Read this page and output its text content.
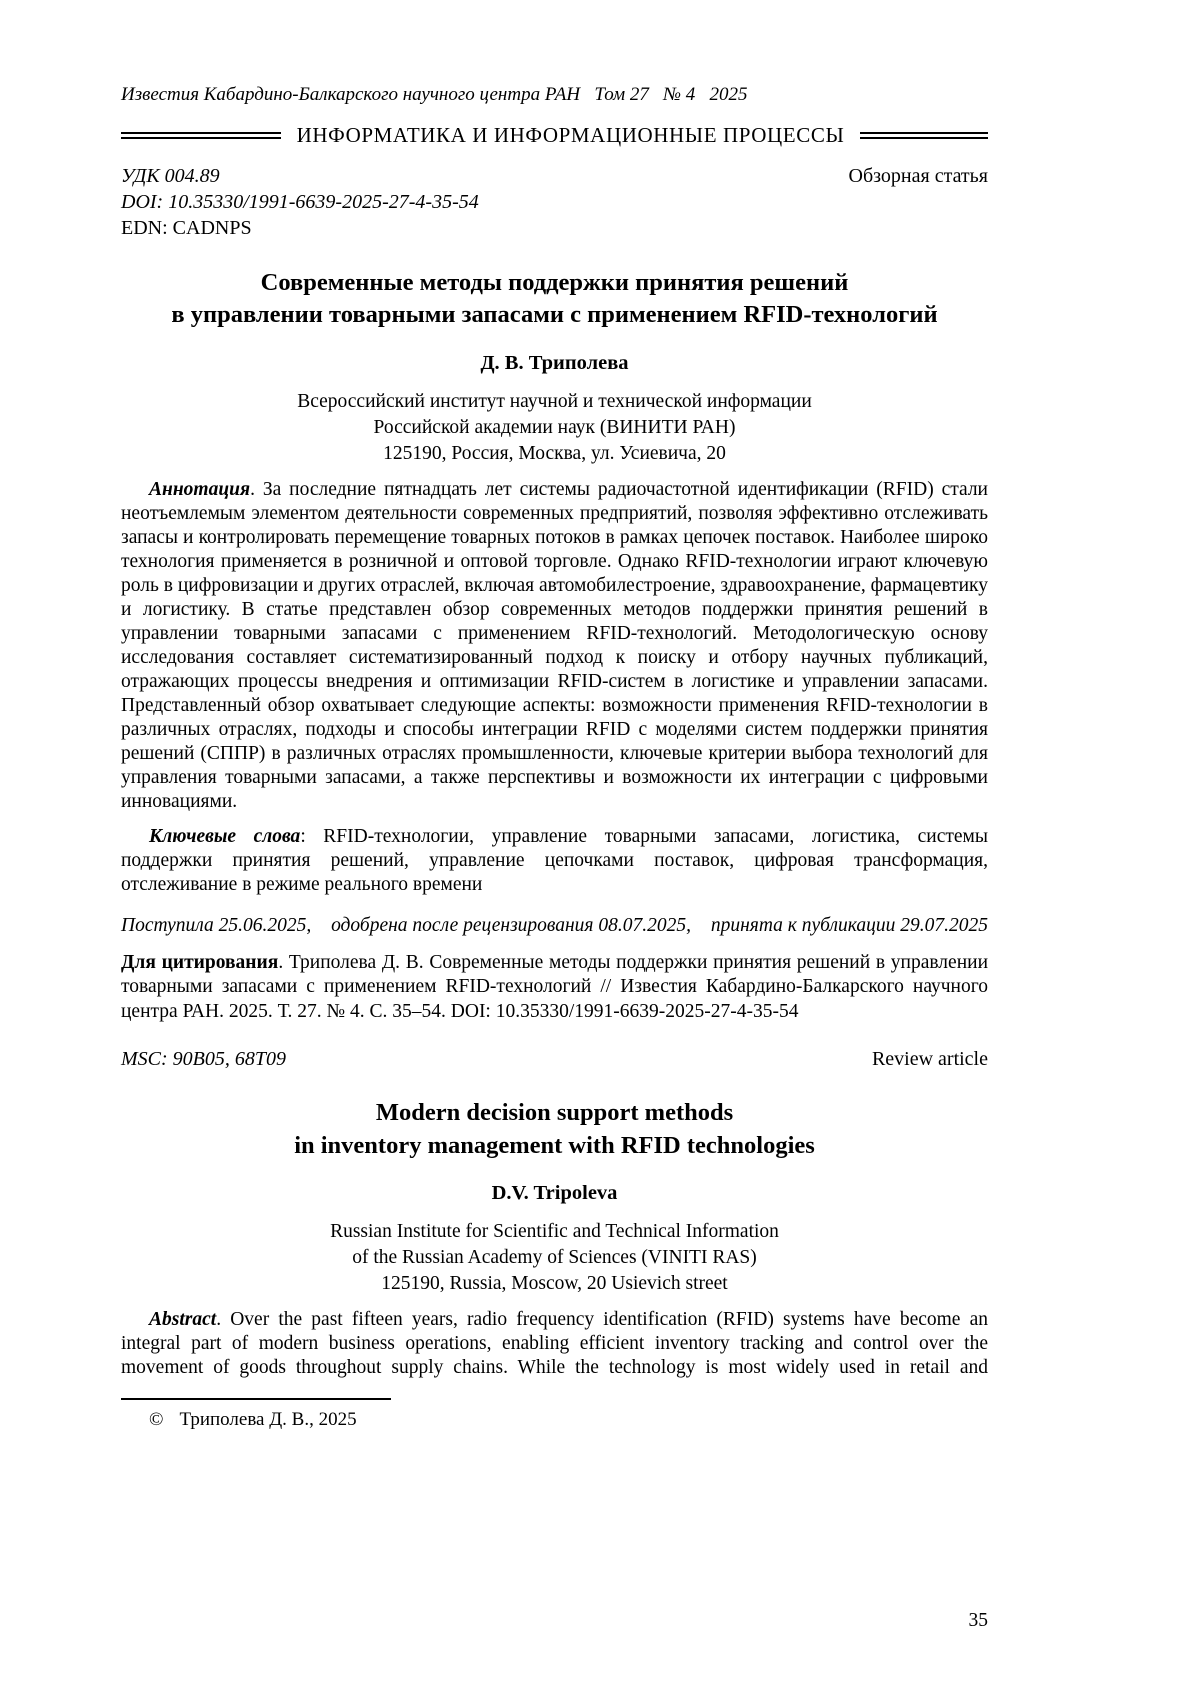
Известия Кабардино-Балкарского научного центра РАН   Том 27   № 4   2025
ИНФОРМАТИКА И ИНФОРМАЦИОННЫЕ ПРОЦЕССЫ
УДК 004.89	Обзорная статья
DOI: 10.35330/1991-6639-2025-27-4-35-54
EDN: CADNPS
Современные методы поддержки принятия решений
в управлении товарными запасами с применением RFID-технологий
Д. В. Триполева
Всероссийский институт научной и технической информации
Российской академии наук (ВИНИТИ РАН)
125190, Россия, Москва, ул. Усиевича, 20
Аннотация. За последние пятнадцать лет системы радиочастотной идентификации (RFID) стали неотъемлемым элементом деятельности современных предприятий, позволяя эффективно отслеживать запасы и контролировать перемещение товарных потоков в рамках цепочек поставок. Наиболее широко технология применяется в розничной и оптовой торговле. Однако RFID-технологии играют ключевую роль в цифровизации и других отраслей, включая автомобилестроение, здравоохранение, фармацевтику и логистику. В статье представлен обзор современных методов поддержки принятия решений в управлении товарными запасами с применением RFID-технологий. Методологическую основу исследования составляет систематизированный подход к поиску и отбору научных публикаций, отражающих процессы внедрения и оптимизации RFID-систем в логистике и управлении запасами. Представленный обзор охватывает следующие аспекты: возможности применения RFID-технологии в различных отраслях, подходы и способы интеграции RFID с моделями систем поддержки принятия решений (СППР) в различных отраслях промышленности, ключевые критерии выбора технологий для управления товарными запасами, а также перспективы и возможности их интеграции с цифровыми инновациями.
Ключевые слова: RFID-технологии, управление товарными запасами, логистика, системы поддержки принятия решений, управление цепочками поставок, цифровая трансформация, отслеживание в режиме реального времени
Поступила 25.06.2025, одобрена после рецензирования 08.07.2025, принята к публикации 29.07.2025
Для цитирования. Триполева Д. В. Современные методы поддержки принятия решений в управлении товарными запасами с применением RFID-технологий // Известия Кабардино-Балкарского научного центра РАН. 2025. Т. 27. № 4. С. 35–54. DOI: 10.35330/1991-6639-2025-27-4-35-54
MSC: 90B05, 68T09	Review article
Modern decision support methods
in inventory management with RFID technologies
D.V. Tripoleva
Russian Institute for Scientific and Technical Information
of the Russian Academy of Sciences (VINITI RAS)
125190, Russia, Moscow, 20 Usievich street
Abstract. Over the past fifteen years, radio frequency identification (RFID) systems have become an integral part of modern business operations, enabling efficient inventory tracking and control over the movement of goods throughout supply chains. While the technology is most widely used in retail and
© Триполева Д. В., 2025
35
